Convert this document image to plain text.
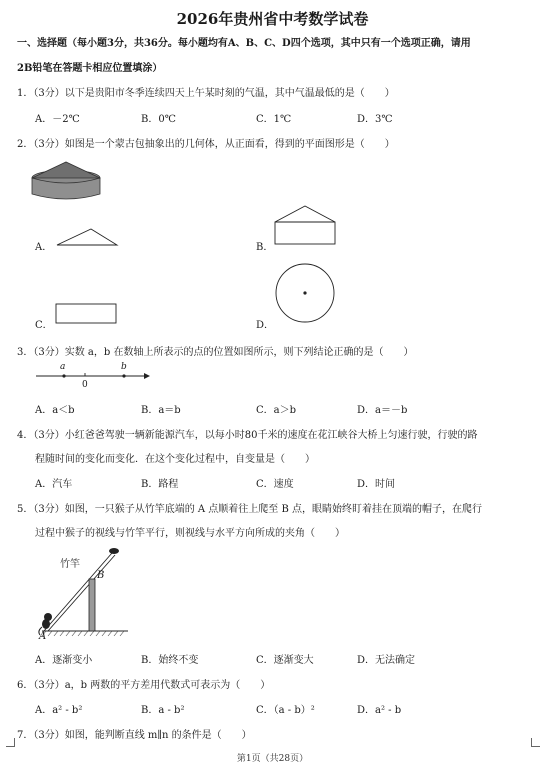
2026年贵州省中考数学试卷
一、选择题（每小题3分，共36分。每小题均有A、B、C、D四个选项，其中只有一个选项正确，请用
2B铅笔在答题卡相应位置填涂）
1．（3分）以下是贵阳市冬季连续四天上午某时刻的气温，其中气温最低的是（　　）
A．－2℃	B．0℃	C．1℃	D．3℃
2．（3分）如图是一个蒙古包抽象出的几何体，从正面看，得到的平面图形是（　　）
A．	B．
C．	D．
3．（3分）实数 a，b 在数轴上所表示的点的位置如图所示，则下列结论正确的是（　　）
a
0
b
A．a＜b	B．a＝b	C．a＞b	D．a＝－b
4．（3分）小红爸爸驾驶一辆新能源汽车，以每小时80千米的速度在花江峡谷大桥上匀速行驶，行驶的路
程随时间的变化而变化．在这个变化过程中，自变量是（　　）
A．汽车	B．路程	C．速度	D．时间
5．（3分）如图，一只猴子从竹竿底端的 A 点顺着往上爬至 B 点，眼睛始终盯着挂在顶端的帽子，在爬行
过程中猴子的视线与竹竿平行，则视线与水平方向所成的夹角（　　）
竹竿
B
A
A．逐渐变小	B．始终不变	C．逐渐变大	D．无法确定
6．（3分）a，b 两数的平方差用代数式可表示为（　　）
A．a² - b²	B．a - b²	C．（a - b）²	D．a² - b
7．（3分）如图，能判断直线 m∥n 的条件是（　　）
第1页（共28页）
